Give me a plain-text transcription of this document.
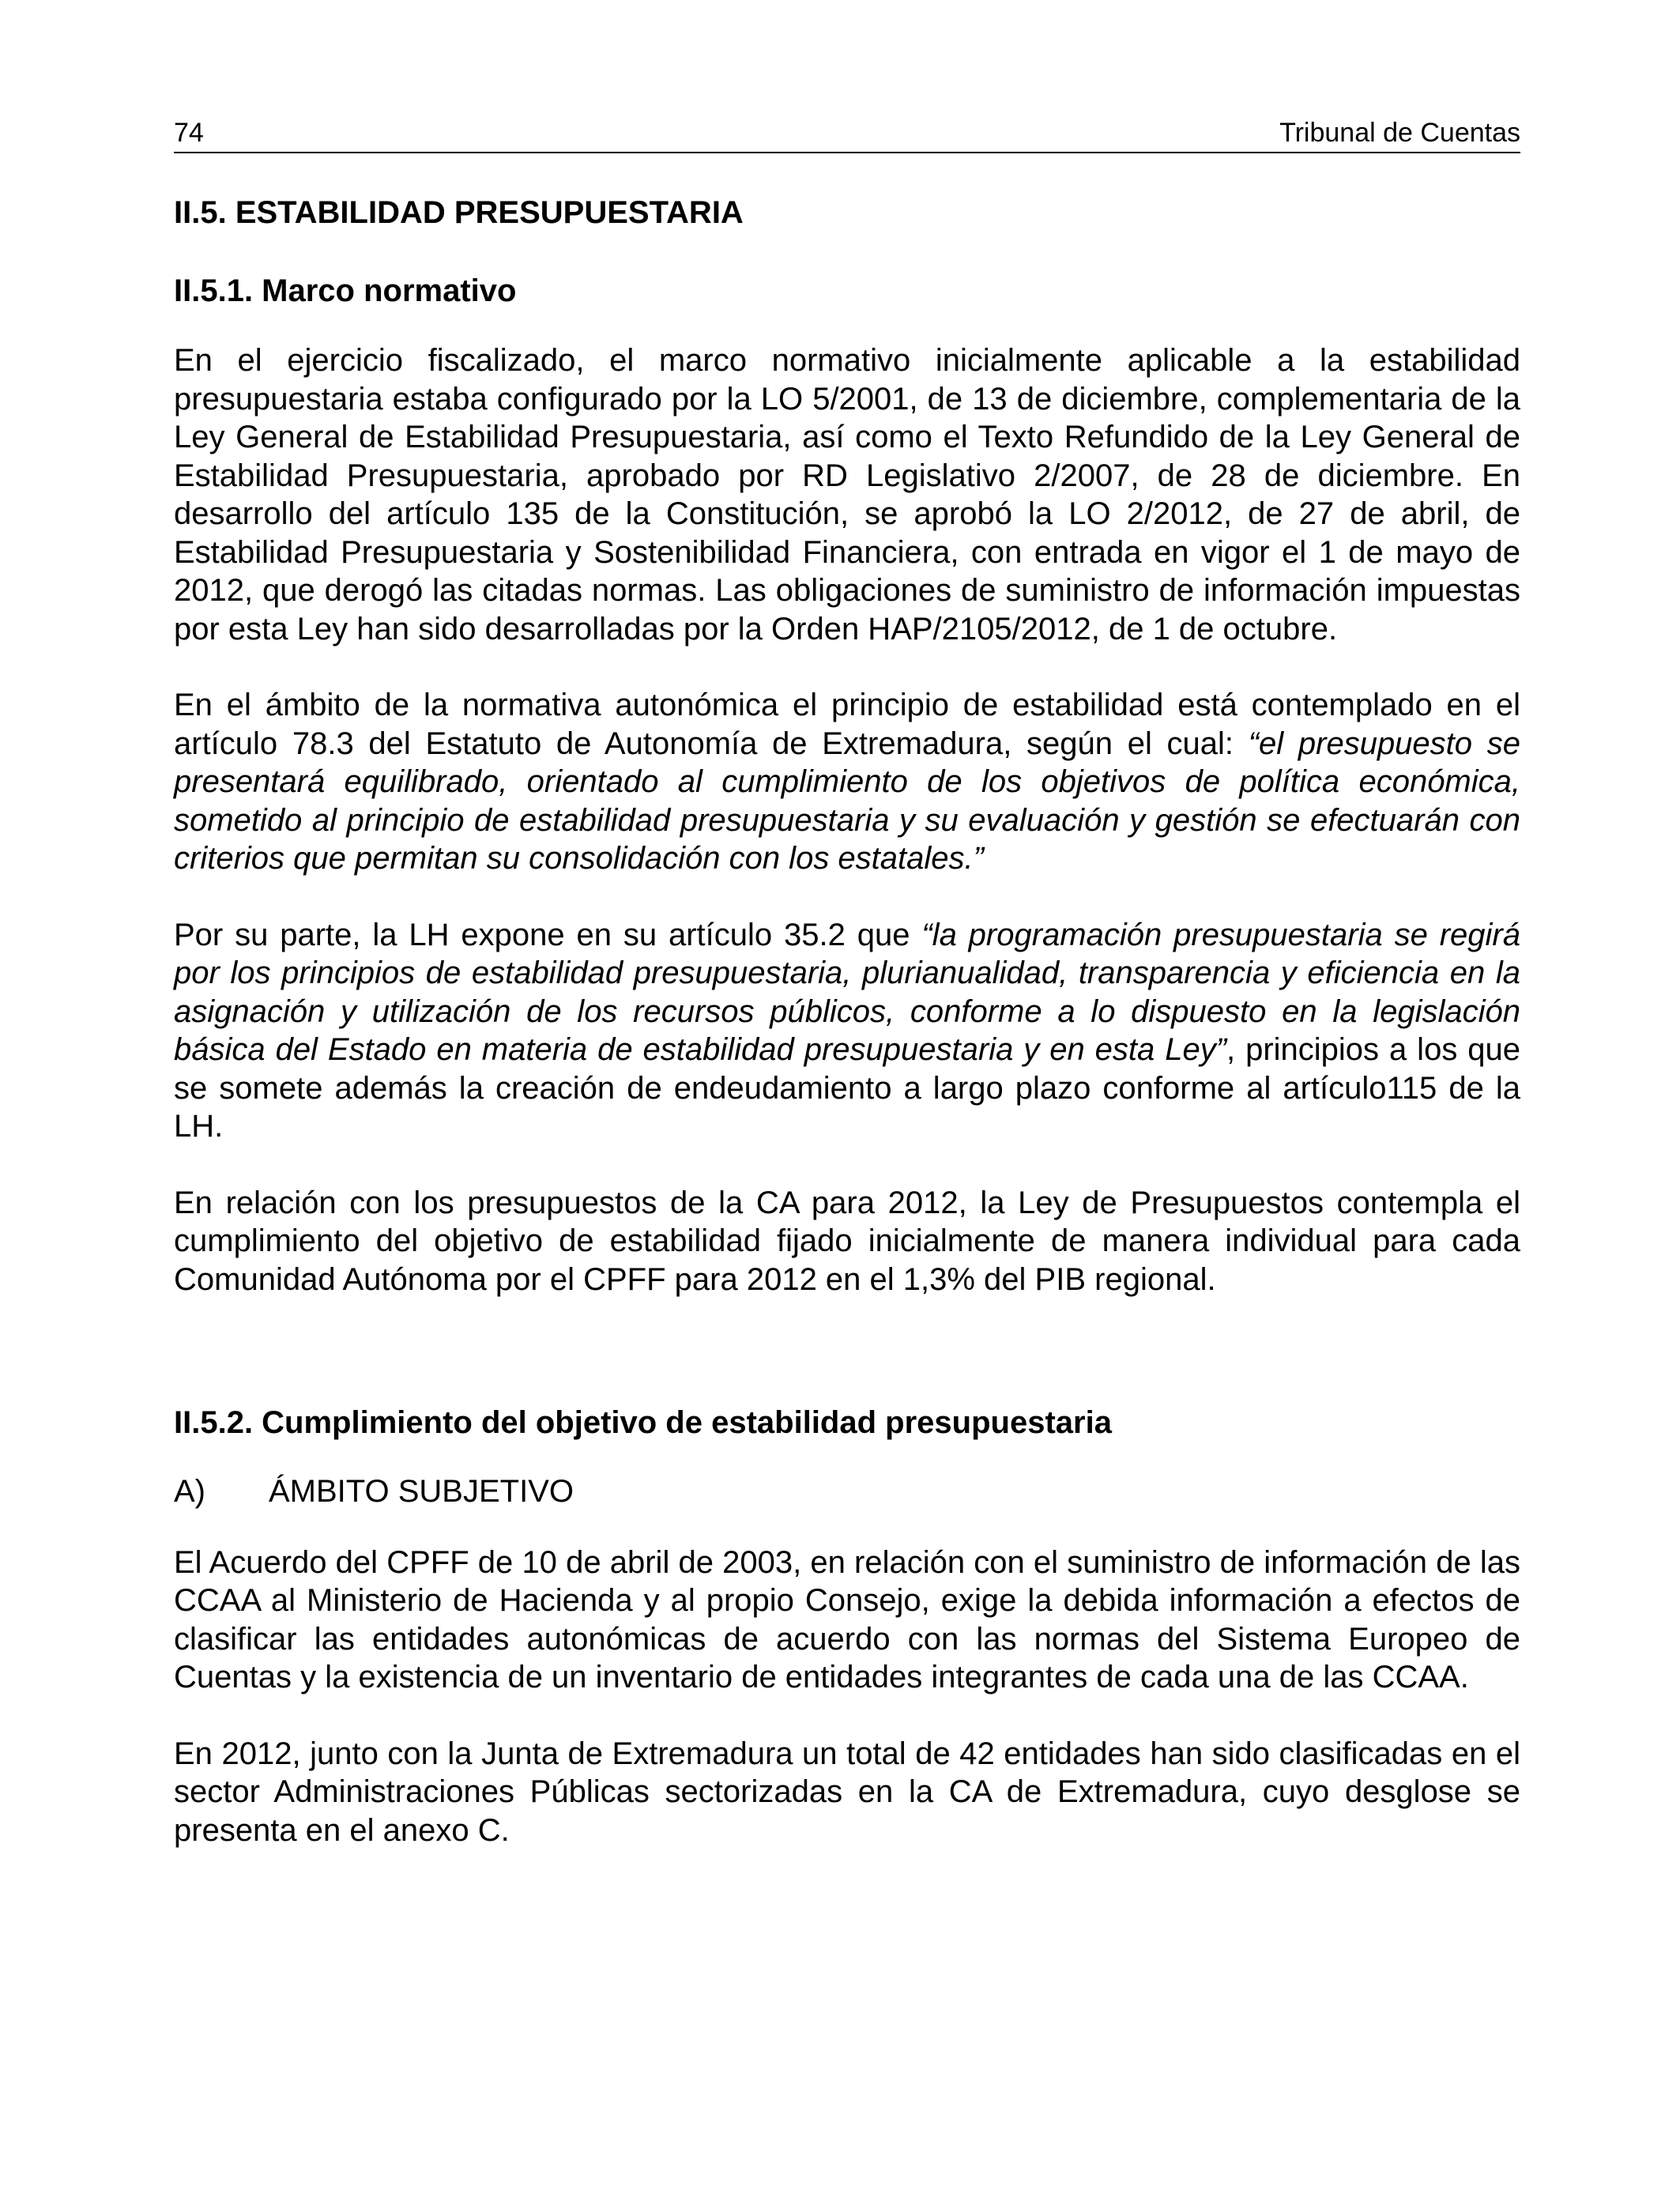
74	Tribunal de Cuentas
II.5. ESTABILIDAD PRESUPUESTARIA
II.5.1. Marco normativo

En el ejercicio fiscalizado, el marco normativo inicialmente aplicable a la estabilidad presupuestaria estaba configurado por la LO 5/2001, de 13 de diciembre, complementaria de la Ley General de Estabilidad Presupuestaria, así como el Texto Refundido de la Ley General de Estabilidad Presupuestaria, aprobado por RD Legislativo 2/2007, de 28 de diciembre. En desarrollo del artículo 135 de la Constitución, se aprobó la LO 2/2012, de 27 de abril, de Estabilidad Presupuestaria y Sostenibilidad Financiera, con entrada en vigor el 1 de mayo de 2012, que derogó las citadas normas. Las obligaciones de suministro de información impuestas por esta Ley han sido desarrolladas por la Orden HAP/2105/2012, de 1 de octubre.

En el ámbito de la normativa autonómica el principio de estabilidad está contemplado en el artículo 78.3 del Estatuto de Autonomía de Extremadura, según el cual: “el presupuesto se presentará equilibrado, orientado al cumplimiento de los objetivos de política económica, sometido al principio de estabilidad presupuestaria y su evaluación y gestión se efectuarán con criterios que permitan su consolidación con los estatales.”

Por su parte, la LH expone en su artículo 35.2 que “la programación presupuestaria se regirá por los principios de estabilidad presupuestaria, plurianualidad, transparencia y eficiencia en la asignación y utilización de los recursos públicos, conforme a lo dispuesto en la legislación básica del Estado en materia de estabilidad presupuestaria y en esta Ley”, principios a los que se somete además la creación de endeudamiento a largo plazo conforme al artículo115 de la LH.

En relación con los presupuestos de la CA para 2012, la Ley de Presupuestos contempla el cumplimiento del objetivo de estabilidad fijado inicialmente de manera individual para cada Comunidad Autónoma por el CPFF para 2012 en el 1,3% del PIB regional.

II.5.2. Cumplimiento del objetivo de estabilidad presupuestaria
A)	ÁMBITO SUBJETIVO

El Acuerdo del CPFF de 10 de abril de 2003, en relación con el suministro de información de las CCAA al Ministerio de Hacienda y al propio Consejo, exige la debida información a efectos de clasificar las entidades autonómicas de acuerdo con las normas del Sistema Europeo de Cuentas y la existencia de un inventario de entidades integrantes de cada una de las CCAA.

En 2012, junto con la Junta de Extremadura un total de 42 entidades han sido clasificadas en el sector Administraciones Públicas sectorizadas en la CA de Extremadura, cuyo desglose se presenta en el anexo C.
